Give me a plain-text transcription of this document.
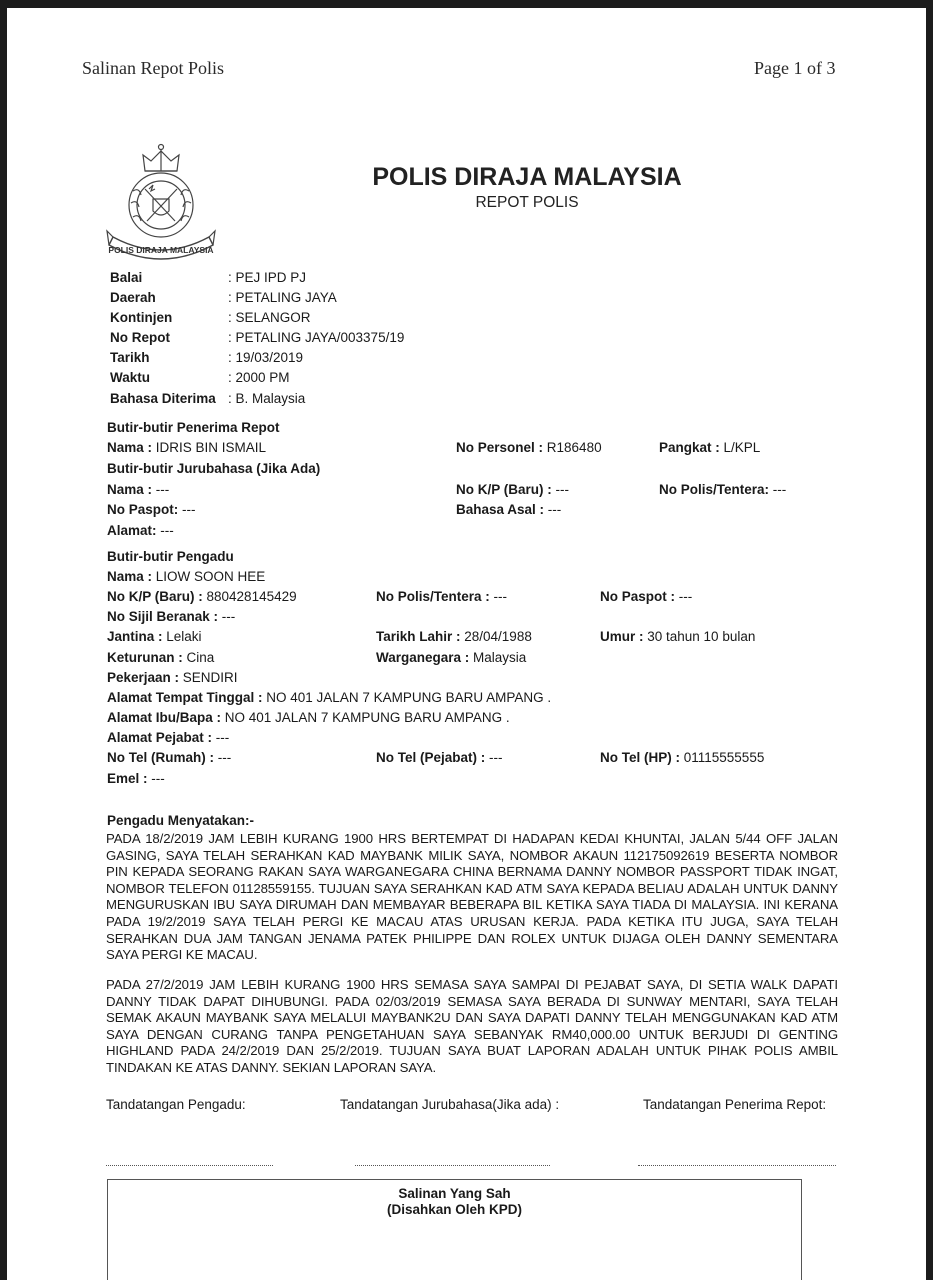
Salinan Repot Polis	Page 1 of 3
POLIS DIRAJA MALAYSIA
POLIS DIRAJA MALAYSIA
REPOT POLIS
Balai	: PEJ IPD PJ
Daerah	: PETALING JAYA
Kontinjen	: SELANGOR
No Repot	: PETALING JAYA/003375/19
Tarikh	: 19/03/2019
Waktu	: 2000 PM
Bahasa Diterima : B. Malaysia
Butir-butir Penerima Repot
Nama : IDRIS BIN ISMAIL	No Personel : R186480	Pangkat : L/KPL
Butir-butir Jurubahasa (Jika Ada)
Nama : ---	No K/P (Baru) : ---	No Polis/Tentera: ---
No Paspot: ---	Bahasa Asal : ---
Alamat: ---
Butir-butir Pengadu
Nama : LIOW SOON HEE
No K/P (Baru) : 880428145429	No Polis/Tentera : ---	No Paspot : ---
No Sijil Beranak : ---
Jantina : Lelaki	Tarikh Lahir : 28/04/1988	Umur : 30 tahun 10 bulan
Keturunan : Cina	Warganegara : Malaysia
Pekerjaan : SENDIRI
Alamat Tempat Tinggal : NO 401 JALAN 7 KAMPUNG BARU AMPANG .
Alamat Ibu/Bapa : NO 401 JALAN 7 KAMPUNG BARU AMPANG .
Alamat Pejabat : ---
No Tel (Rumah) : ---	No Tel (Pejabat) : ---	No Tel (HP) : 01115555555
Emel : ---
Pengadu Menyatakan:-
PADA 18/2/2019 JAM LEBIH KURANG 1900 HRS BERTEMPAT DI HADAPAN KEDAI KHUNTAI, JALAN 5/44 OFF JALAN GASING, SAYA TELAH SERAHKAN KAD MAYBANK MILIK SAYA, NOMBOR AKAUN 112175092619 BESERTA NOMBOR PIN KEPADA SEORANG RAKAN SAYA WARGANEGARA CHINA BERNAMA DANNY NOMBOR PASSPORT TIDAK INGAT, NOMBOR TELEFON 01128559155. TUJUAN SAYA SERAHKAN KAD ATM SAYA KEPADA BELIAU ADALAH UNTUK DANNY MENGURUSKAN IBU SAYA DIRUMAH DAN MEMBAYAR BEBERAPA BIL KETIKA SAYA TIADA DI MALAYSIA. INI KERANA PADA 19/2/2019 SAYA TELAH PERGI KE MACAU ATAS URUSAN KERJA. PADA KETIKA ITU JUGA, SAYA TELAH SERAHKAN DUA JAM TANGAN JENAMA PATEK PHILIPPE DAN ROLEX UNTUK DIJAGA OLEH DANNY SEMENTARA SAYA PERGI KE MACAU.
PADA 27/2/2019 JAM LEBIH KURANG 1900 HRS SEMASA SAYA SAMPAI DI PEJABAT SAYA, DI SETIA WALK DAPATI DANNY TIDAK DAPAT DIHUBUNGI. PADA 02/03/2019 SEMASA SAYA BERADA DI SUNWAY MENTARI, SAYA TELAH SEMAK AKAUN MAYBANK SAYA MELALUI MAYBANK2U DAN SAYA DAPATI DANNY TELAH MENGGUNAKAN KAD ATM SAYA DENGAN CURANG TANPA PENGETAHUAN SAYA SEBANYAK RM40,000.00 UNTUK BERJUDI DI GENTING HIGHLAND PADA 24/2/2019 DAN 25/2/2019. TUJUAN SAYA BUAT LAPORAN ADALAH UNTUK PIHAK POLIS AMBIL TINDAKAN KE ATAS DANNY. SEKIAN LAPORAN SAYA.
Tandatangan Pengadu:	Tandatangan Jurubahasa(Jika ada) :	Tandatangan Penerima Repot:
Salinan Yang Sah
(Disahkan Oleh KPD)
